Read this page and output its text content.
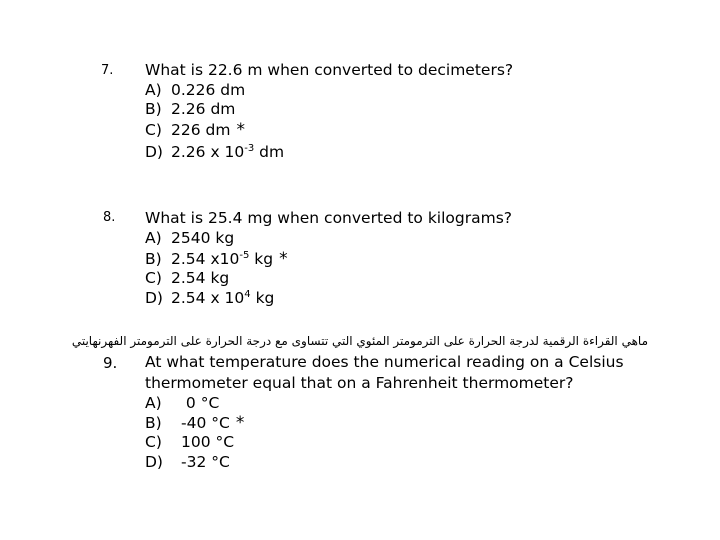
7. What is 22.6 m when converted to decimeters?
A) 0.226 dm
B) 2.26 dm
C) 226 dm *
D) 2.26 x $10^{-3}$ dm
8. What is 25.4 mg when converted to kilograms?
A) 2540 kg
B) 2.54 $x10^{-5}$ kg *
C) 2.54 kg
D) 2.54 x $10^4$ kg
ماهي القراءة الرقمية لدرجة الحرارة على الترمومتر المئوي التي تتساوى مع درجة الحرارة على الترمومتر الفهرنهايتي
9. At what temperature does the numerical reading on a Celsius
thermometer equal that on a Fahrenheit thermometer?
A) 0 °C
B) -40 °C *
C) 100 °C
D) -32 °C
